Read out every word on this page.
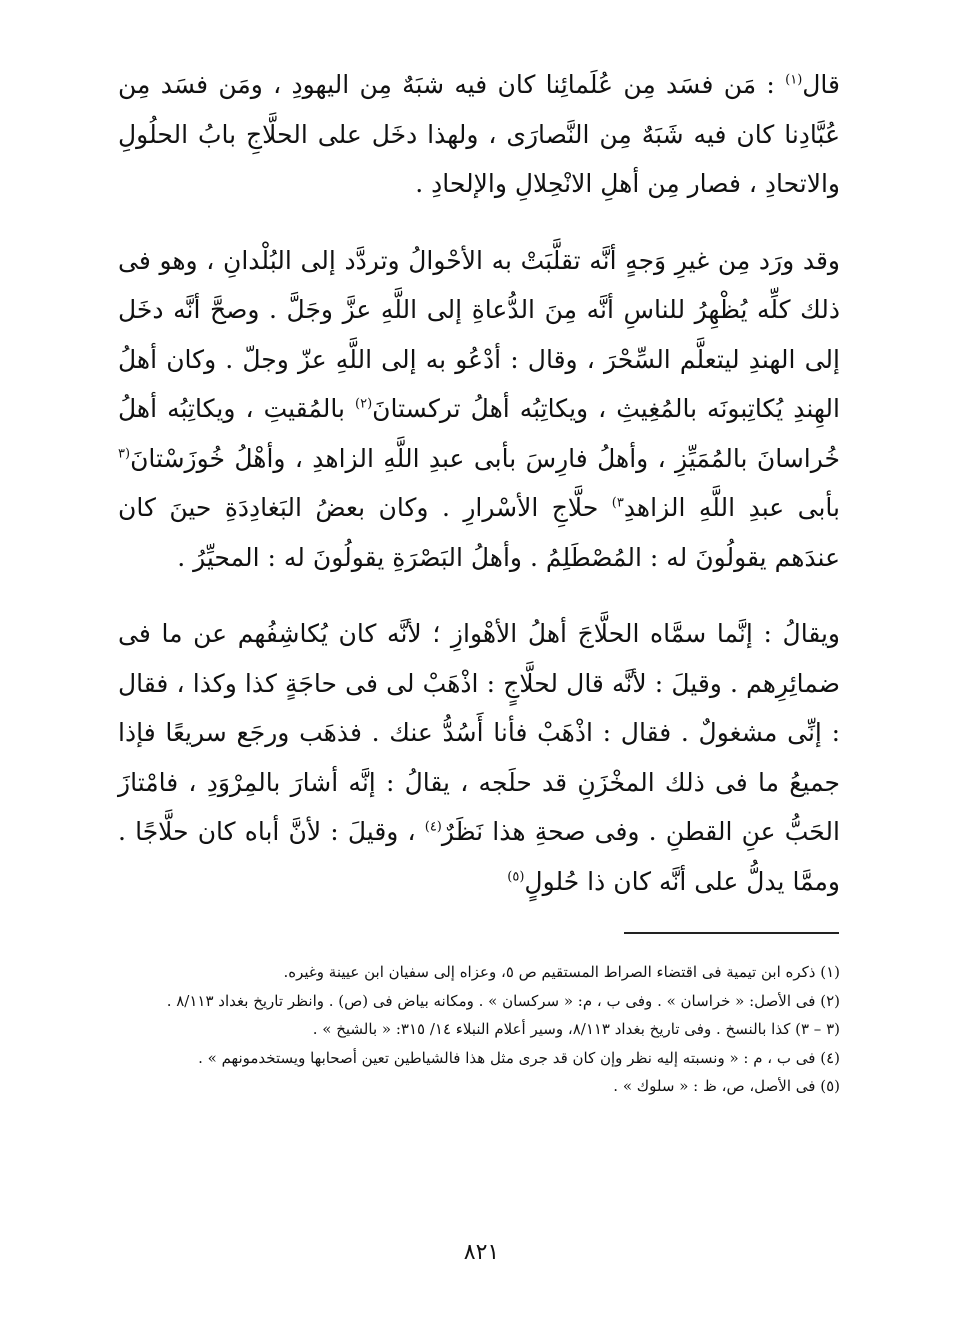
قال$^{(١)}$ : مَن فسَد مِن عُلَمائِنا كان فيه شبَهٌ مِن اليهودِ ، ومَن فسَد مِن عُبَّادِنا كان فيه شَبَهٌ مِن النَّصارَى ، ولهذا دخَل على الحلَّاجِ بابُ الحلُولِ والاتحادِ ، فصار مِن أهلِ الانْحِلالِ والإلحادِ .

وقد ورَد مِن غيرِ وَجهٍ أنَّه تقلَّبَتْ به الأحْوالُ وتردَّد إلى البُلْدانِ ، وهو فى ذلك كلِّه يُظْهِرُ للناسِ أنَّه مِنَ الدُّعاةِ إلى اللَّهِ عزَّ وجَلَّ . وصحَّ أنَّه دخَل إلى الهندِ ليتعلَّم السِّحْرَ ، وقال : أدْعُو به إلى اللَّهِ عزّ وجلّ . وكان أهلُ الهِندِ يُكاتِبونَه بالمُغِيثِ ، ويكاتِبُه أهلُ تركستانَ$^{(٢)}$ بالمُقيتِ ، ويكاتِبُه أهلُ خُراسانَ بالمُمَيِّزِ ، وأهلُ فارِسَ بأبى عبدِ اللَّهِ الزاهدِ ، وأهْلُ خُوزَسْتانَ$^{(٣}$ بأبى عبدِ اللَّهِ الزاهدِ$^{٣)}$ حلَّاجِ الأسْرارِ . وكان بعضُ البَغادِدَةِ حينَ كان عندَهم يقولُونَ له : المُصْطَلِمُ . وأهلُ البَصْرَةِ يقولُونَ له : المحيِّرُ .

ويقالُ : إنَّما سمَّاه الحلَّاجَ أهلُ الأهْوازِ ؛ لأنَّه كان يُكاشِفُهم عن ما فى ضمائِرِهم . وقيلَ : لأنَّه قال لحلَّاجٍ : اذْهَبْ لى فى حاجَةٍ كذا وكذا ، فقال : إنِّى مشغولٌ . فقال : اذْهَبْ فأنا أَسُدُّ عنك . فذهَب ورجَع سريعًا فإذا جميعُ ما فى ذلك المخْزَنِ قد حلَجه ، يقالُ : إنَّه أشارَ بالمِرْوَدِ ، فامْتازَ الحَبُّ عنِ القطنِ . وفى صحةِ هذا نَظَرٌ$^{(٤)}$ ، وقيلَ : لأنَّ أباه كان حلَّاجًا . وممَّا يدلُّ على أنَّه كان ذا حُلولٍ$^{(٥)}$

(١) ذكره ابن تيمية فى اقتضاء الصراط المستقيم ص ٥، وعزاه إلى سفيان ابن عيينة وغيره.

(٢) فى الأصل: « خراسان » . وفى ب ، م: « سركسان » . ومكانه بياض فى (ص) . وانظر تاريخ بغداد ٨/١١٣ .

(٣ – ٣) كذا بالنسخ . وفى تاريخ بغداد ٨/١١٣، وسير أعلام النبلاء ١٤/ ٣١٥: « بالشيخ » .

(٤) فى ب ، م : « ونسبته إليه نظر وإن كان قد جرى مثل هذا فالشياطين تعين أصحابها ويستخدمونهم » .

(٥) فى الأصل، ص، ظ : « سلوك » .

٨٢١
